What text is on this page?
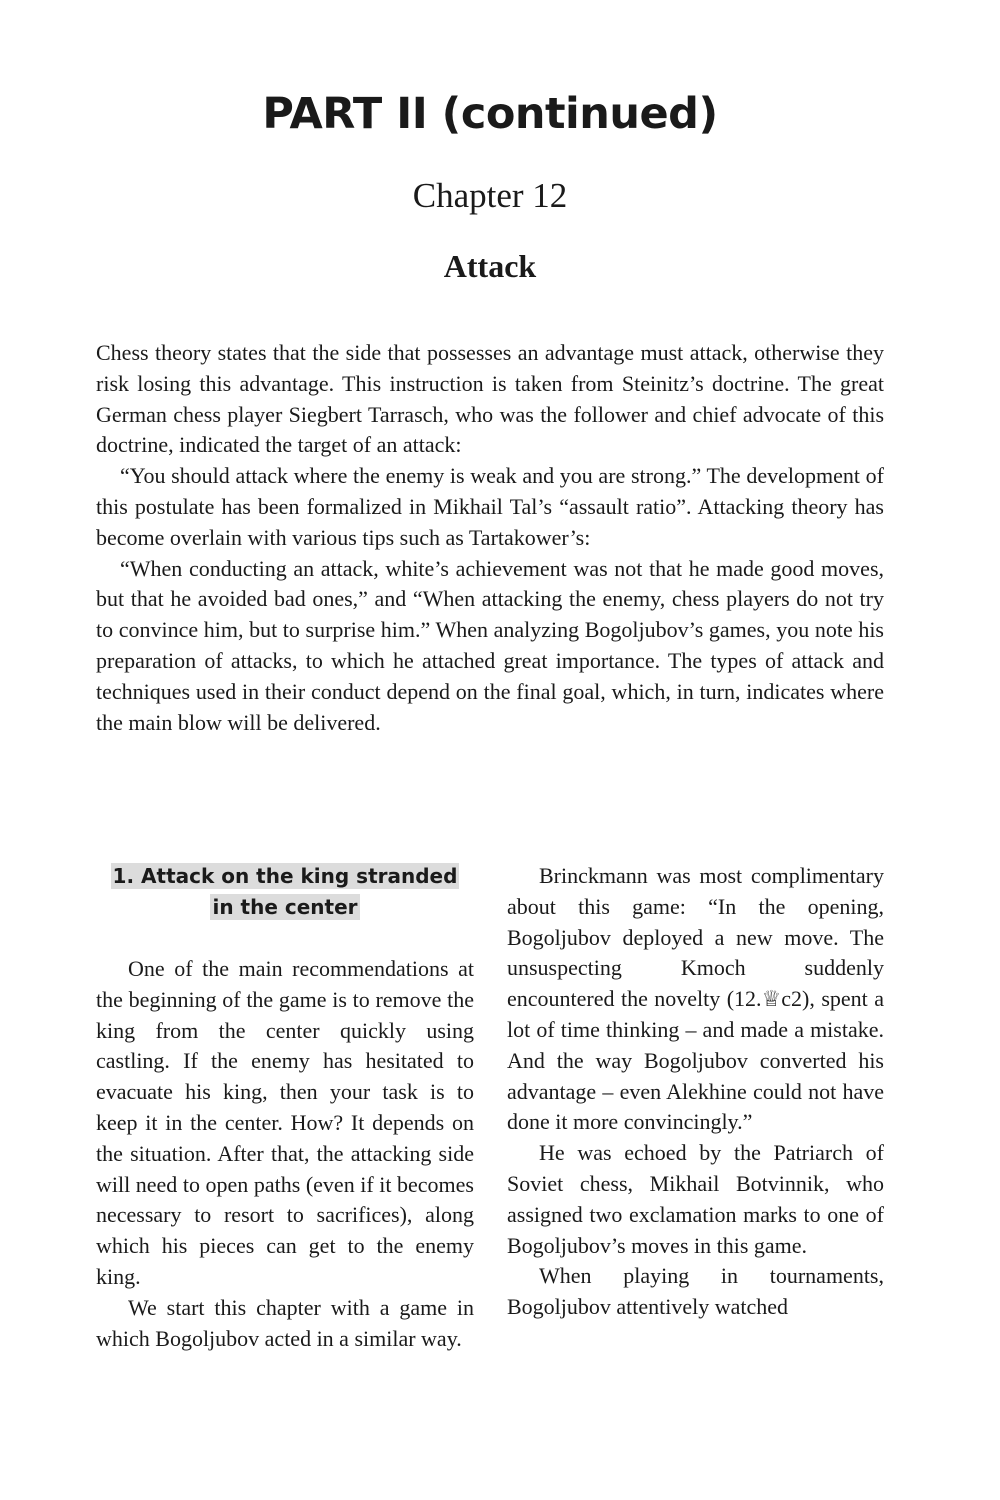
PART II (continued)
Chapter 12
Attack

Chess theory states that the side that possesses an advantage must attack, otherwise they risk losing this advantage. This instruction is taken from Steinitz’s doctrine. The great German chess player Siegbert Tarrasch, who was the follower and chief advocate of this doctrine, indicated the target of an attack:

“You should attack where the enemy is weak and you are strong.” The development of this postulate has been formalized in Mikhail Tal’s “assault ratio”. Attacking theory has become overlain with various tips such as Tartakower’s:

“When conducting an attack, white’s achievement was not that he made good moves, but that he avoided bad ones,” and “When attacking the enemy, chess players do not try to convince him, but to surprise him.” When analyzing Bogoljubov’s games, you note his preparation of attacks, to which he attached great importance. The types of attack and techniques used in their conduct depend on the final goal, which, in turn, indicates where the main blow will be delivered.

1. Attack on the king stranded
in the center

One of the main recommendations at the beginning of the game is to remove the king from the center quickly using castling. If the enemy has hesitated to evacuate his king, then your task is to keep it in the center. How? It depends on the situation. After that, the attacking side will need to open paths (even if it becomes necessary to resort to sacrifices), along which his pieces can get to the enemy king.

We start this chapter with a game in which Bogoljubov acted in a similar way.

Brinckmann was most complimentary about this game: “In the opening, Bogoljubov deployed a new move. The unsuspecting Kmoch suddenly encountered the novelty (12.♕c2), spent a lot of time thinking – and made a mistake. And the way Bogoljubov converted his advantage – even Alekhine could not have done it more convincingly.”

He was echoed by the Patriarch of Soviet chess, Mikhail Botvinnik, who assigned two exclamation marks to one of Bogoljubov’s moves in this game.

When playing in tournaments, Bogoljubov attentively watched
